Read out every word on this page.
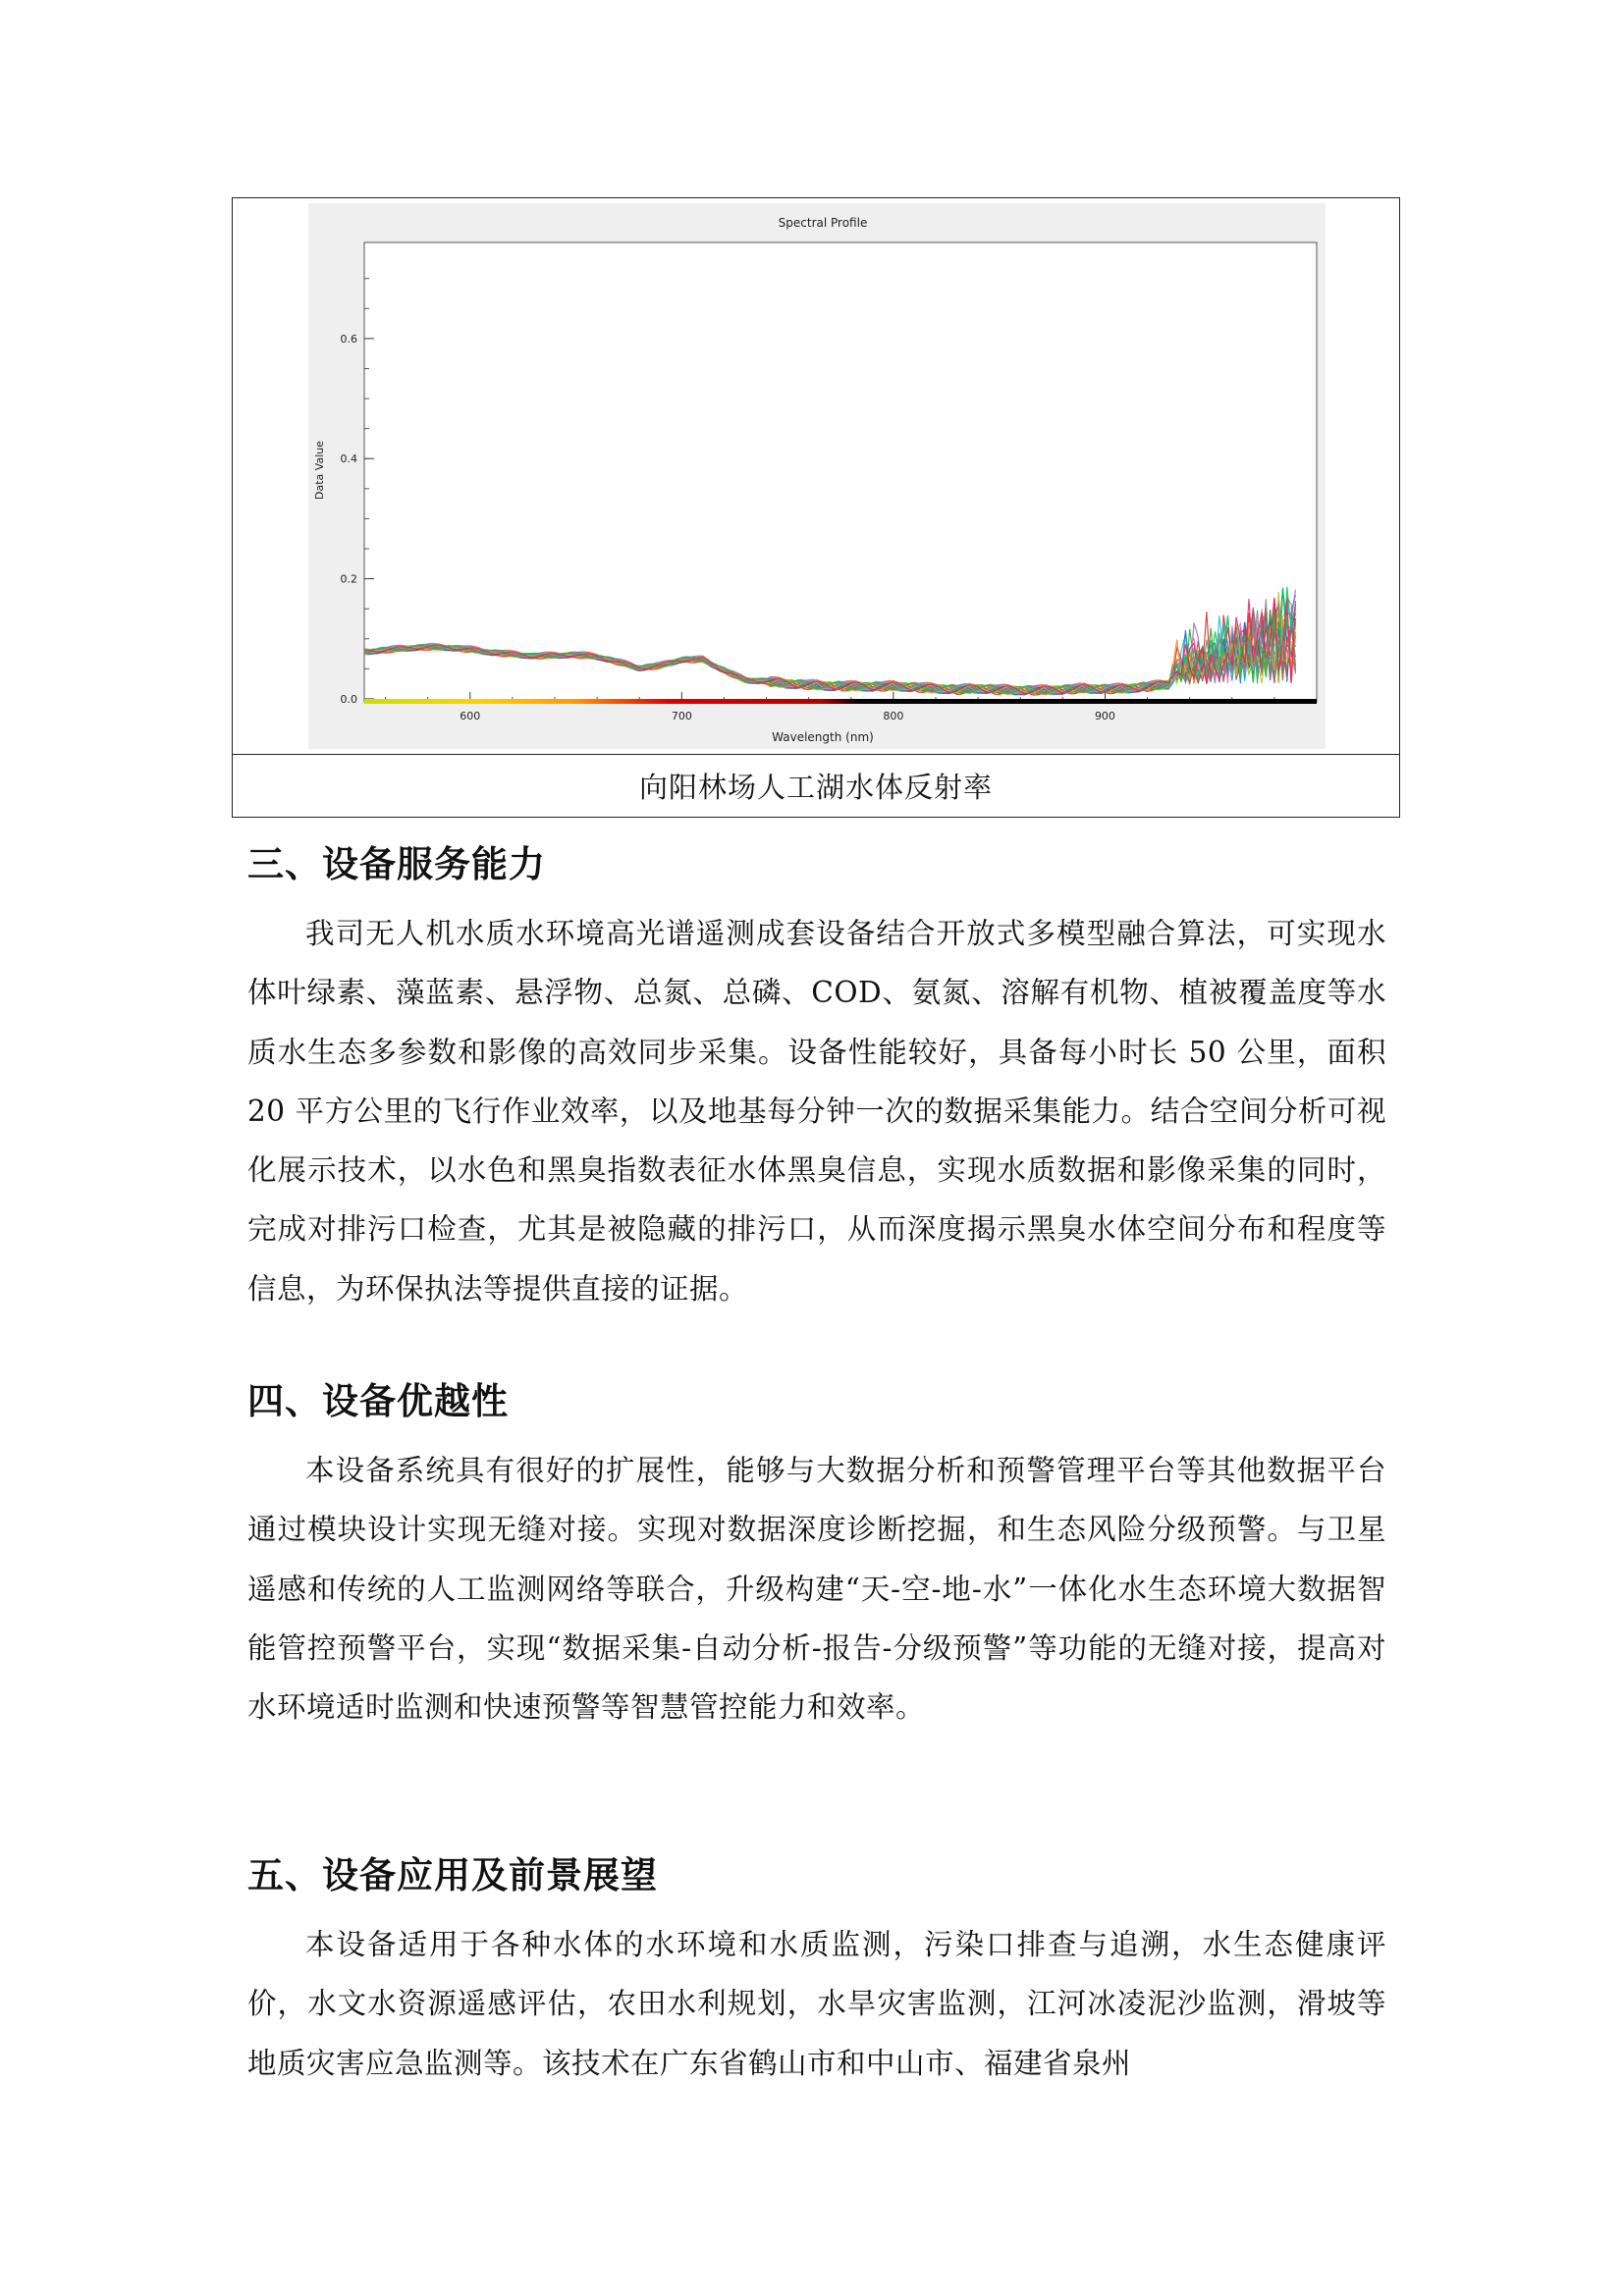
Spectral Profile
Wavelength (nm)
Data Value
0.0
0.2
0.4
0.6
600	700	800	900
向阳林场人工湖水体反射率
三、设备服务能力

我司无人机水质水环境高光谱遥测成套设备结合开放式多模型融合算法，可实现水体叶绿素、藻蓝素、悬浮物、总氮、总磷、COD、氨氮、溶解有机物、植被覆盖度等水质水生态多参数和影像的高效同步采集。设备性能较好，具备每小时长 50 公里，面积 20 平方公里的飞行作业效率，以及地基每分钟一次的数据采集能力。结合空间分析可视化展示技术，以水色和黑臭指数表征水体黑臭信息，实现水质数据和影像采集的同时，完成对排污口检查，尤其是被隐藏的排污口，从而深度揭示黑臭水体空间分布和程度等信息，为环保执法等提供直接的证据。

四、设备优越性

本设备系统具有很好的扩展性，能够与大数据分析和预警管理平台等其他数据平台通过模块设计实现无缝对接。实现对数据深度诊断挖掘，和生态风险分级预警。与卫星遥感和传统的人工监测网络等联合，升级构建“天-空-地-水”一体化水生态环境大数据智能管控预警平台，实现“数据采集-自动分析-报告-分级预警”等功能的无缝对接，提高对水环境适时监测和快速预警等智慧管控能力和效率。

五、设备应用及前景展望

本设备适用于各种水体的水环境和水质监测，污染口排查与追溯，水生态健康评价，水文水资源遥感评估，农田水利规划，水旱灾害监测，江河冰凌泥沙监测，滑坡等地质灾害应急监测等。该技术在广东省鹤山市和中山市、福建省泉州
